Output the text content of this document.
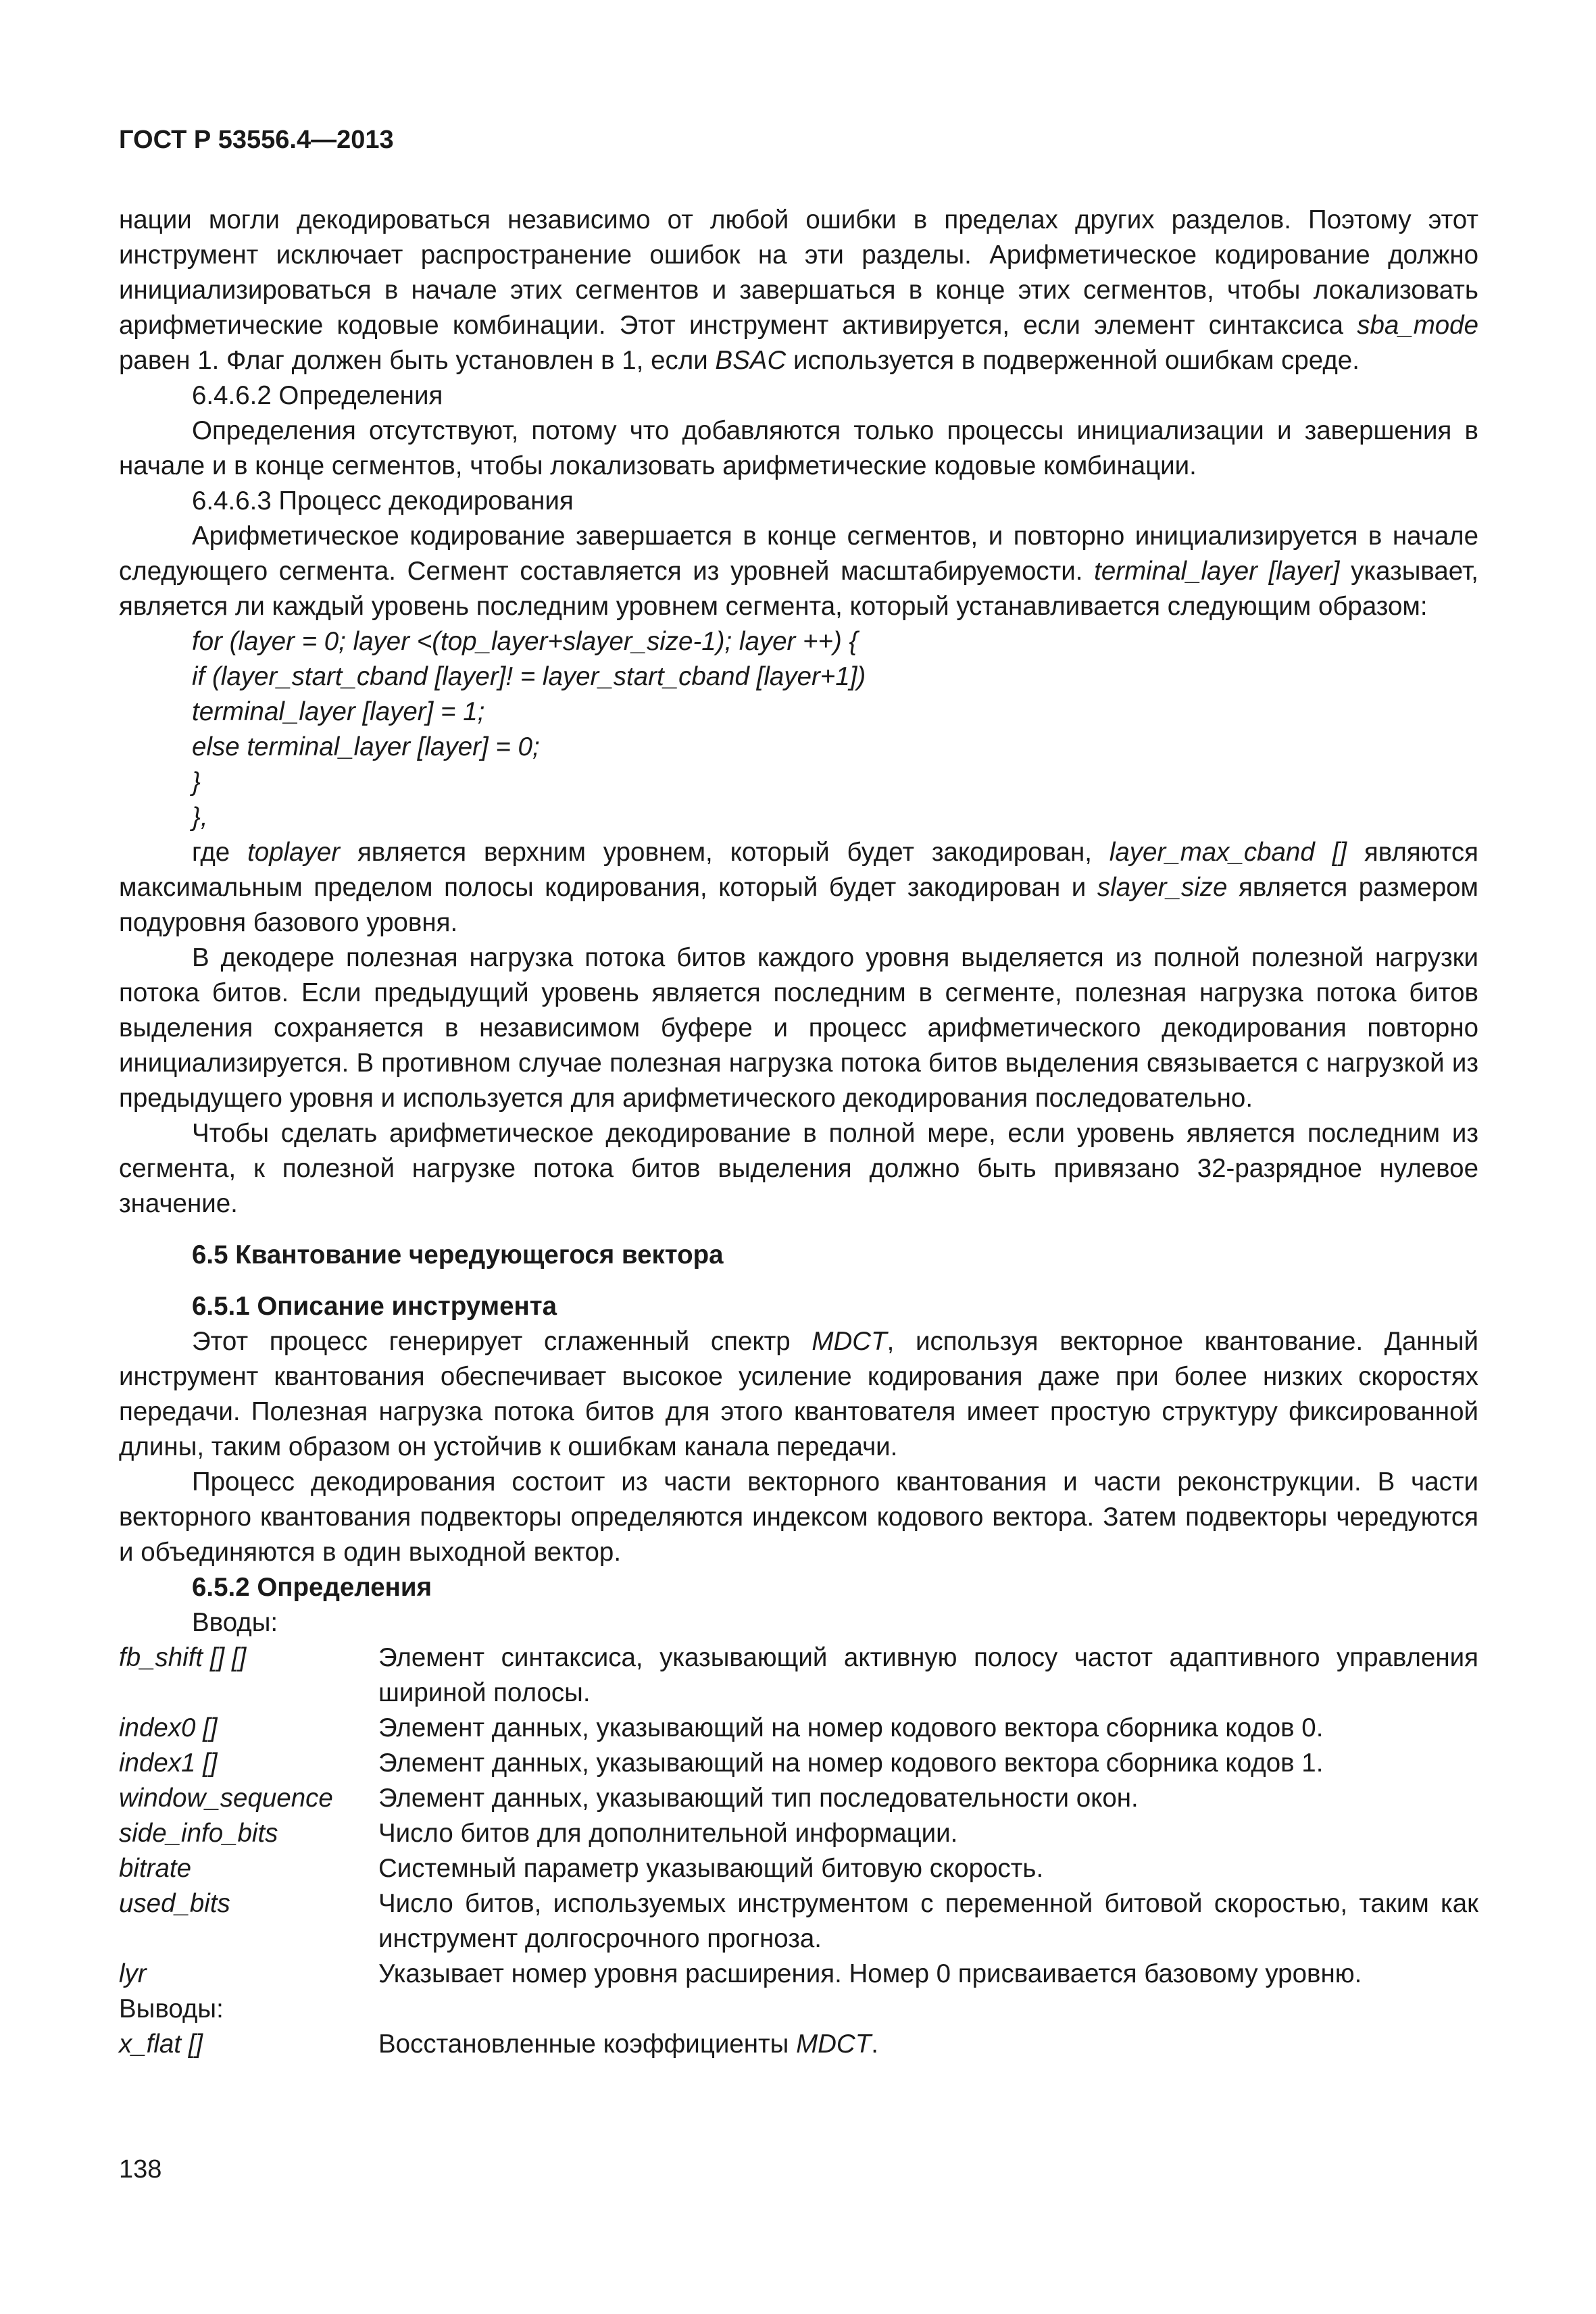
ГОСТ Р 53556.4—2013

нации могли декодироваться независимо от любой ошибки в пределах других разделов. Поэтому этот инструмент исключает распространение ошибок на эти разделы. Арифметическое кодирование должно инициализироваться в начале этих сегментов и завершаться в конце этих сегментов, чтобы локализовать арифметические кодовые комбинации. Этот инструмент активируется, если элемент синтаксиса sba_mode равен 1. Флаг должен быть установлен в 1, если BSAC используется в подверженной ошибкам среде.

6.4.6.2 Определения

Определения отсутствуют, потому что добавляются только процессы инициализации и завершения в начале и в конце сегментов, чтобы локализовать арифметические кодовые комбинации.

6.4.6.3 Процесс декодирования

Арифметическое кодирование завершается в конце сегментов, и повторно инициализируется в начале следующего сегмента. Сегмент составляется из уровней масштабируемости. terminal_layer [layer] указывает, является ли каждый уровень последним уровнем сегмента, который устанавливается следующим образом:

for (layer = 0; layer <(top_layer+slayer_size-1); layer ++) {
if (layer_start_cband [layer]! = layer_start_cband [layer+1])
terminal_layer [layer] = 1;
else terminal_layer [layer] = 0;
}
},

где toplayer является верхним уровнем, который будет закодирован, layer_max_cband [] являются максимальным пределом полосы кодирования, который будет закодирован и slayer_size является размером подуровня базового уровня.

В декодере полезная нагрузка потока битов каждого уровня выделяется из полной полезной нагрузки потока битов. Если предыдущий уровень является последним в сегменте, полезная нагрузка потока битов выделения сохраняется в независимом буфере и процесс арифметического декодирования повторно инициализируется. В противном случае полезная нагрузка потока битов выделения связывается с нагрузкой из предыдущего уровня и используется для арифметического декодирования последовательно.

Чтобы сделать арифметическое декодирование в полной мере, если уровень является последним из сегмента, к полезной нагрузке потока битов выделения должно быть привязано 32-разрядное нулевое значение.

6.5 Квантование чередующегося вектора
6.5.1 Описание инструмента

Этот процесс генерирует сглаженный спектр MDCT, используя векторное квантование. Данный инструмент квантования обеспечивает высокое усиление кодирования даже при более низких скоростях передачи. Полезная нагрузка потока битов для этого квантователя имеет простую структуру фиксированной длины, таким образом он устойчив к ошибкам канала передачи.

Процесс декодирования состоит из части векторного квантования и части реконструкции. В части векторного квантования подвекторы определяются индексом кодового вектора. Затем подвекторы чередуются и объединяются в один выходной вектор.

6.5.2 Определения

Вводы:

fb_shift [] []	Элемент синтаксиса, указывающий активную полосу частот адаптивного управления шириной полосы.
index0 []	Элемент данных, указывающий на номер кодового вектора сборника кодов 0.
index1 []	Элемент данных, указывающий на номер кодового вектора сборника кодов 1.
window_sequence	Элемент данных, указывающий тип последовательности окон.
side_info_bits	Число битов для дополнительной информации.
bitrate	Системный параметр указывающий битовую скорость.
used_bits	Число битов, используемых инструментом с переменной битовой скоростью, таким как инструмент долгосрочного прогноза.
lyr	Указывает номер уровня расширения. Номер 0 присваивается базовому уровню.

Выводы:

x_flat []	Восстановленные коэффициенты MDCT.
138
